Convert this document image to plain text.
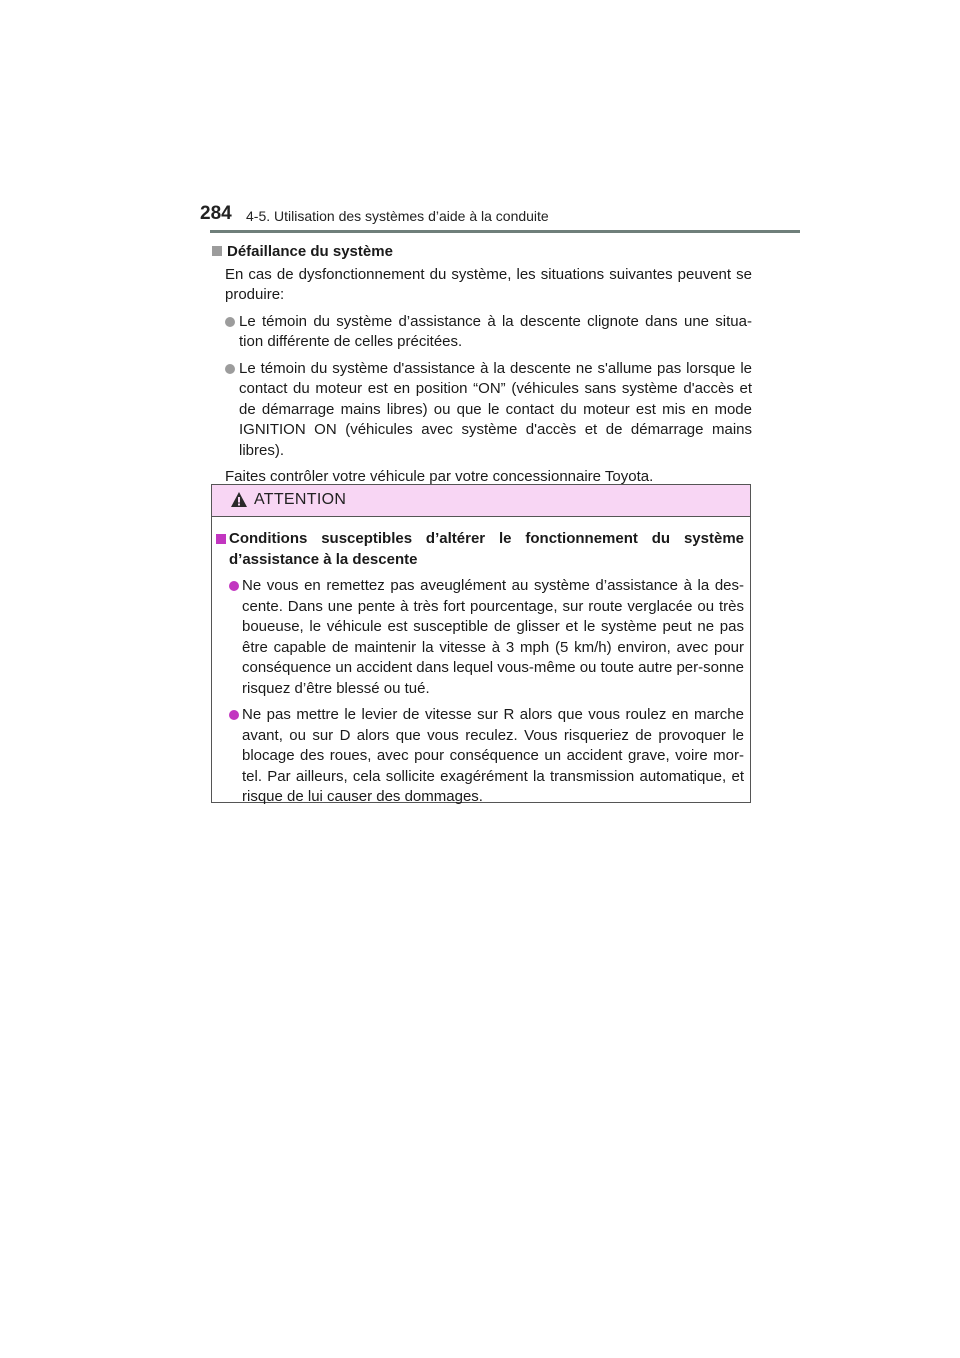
284 4-5. Utilisation des systèmes d’aide à la conduite

Défaillance du système

En cas de dysfonctionnement du système, les situations suivantes peuvent se produire:

Le témoin du système d’assistance à la descente clignote dans une situa-tion différente de celles précitées.
Le témoin du système d'assistance à la descente ne s'allume pas lorsque le contact du moteur est en position “ON” (véhicules sans système d'accès et de démarrage mains libres) ou que le contact du moteur est mis en mode IGNITION ON (véhicules avec système d'accès et de démarrage mains libres).

Faites contrôler votre véhicule par votre concessionnaire Toyota.

ATTENTION

Conditions susceptibles d’altérer le fonctionnement du système d’assistance à la descente

Ne vous en remettez pas aveuglément au système d’assistance à la des-cente. Dans une pente à très fort pourcentage, sur route verglacée ou très boueuse, le véhicule est susceptible de glisser et le système peut ne pas être capable de maintenir la vitesse à 3 mph (5 km/h) environ, avec pour conséquence un accident dans lequel vous-même ou toute autre per-sonne risquez d’être blessé ou tué.
Ne pas mettre le levier de vitesse sur R alors que vous roulez en marche avant, ou sur D alors que vous reculez. Vous risqueriez de provoquer le blocage des roues, avec pour conséquence un accident grave, voire mor-tel. Par ailleurs, cela sollicite exagérément la transmission automatique, et risque de lui causer des dommages.
